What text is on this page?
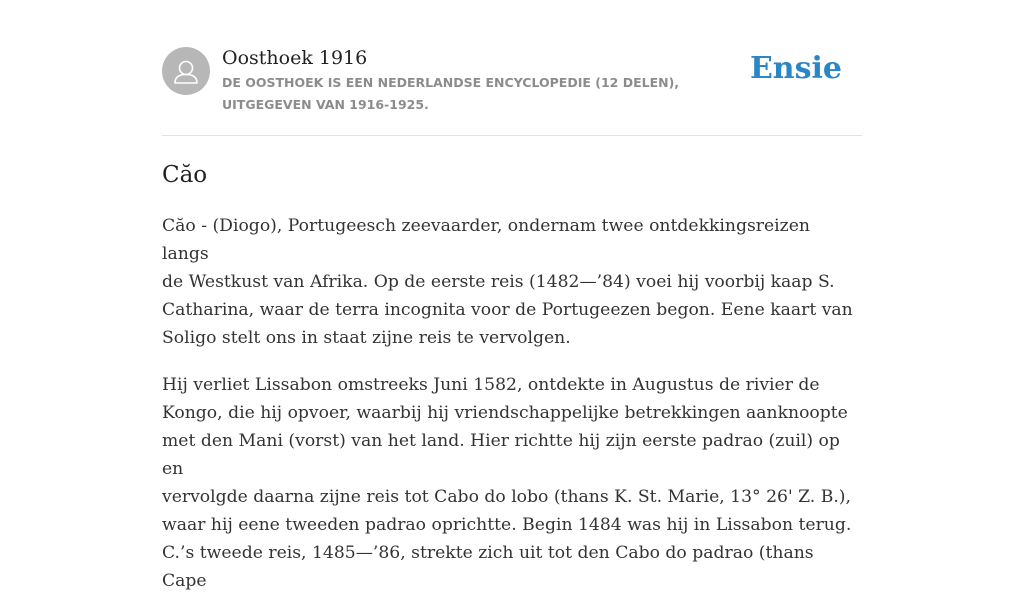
Oosthoek 1916
DE OOSTHOEK IS EEN NEDERLANDSE ENCYCLOPEDIE (12 DELEN), UITGEGEVEN VAN 1916-1925.
Ensie
Căo

Căo - (Diogo), Portugeesch zeevaarder, ondernam twee ontdekkingsreizen langs
de Westkust van Afrika. Op de eerste reis (1482—’84) voei hij voorbij kaap S.
Catharina, waar de terra incognita voor de Portugeezen begon. Eene kaart van
Soligo stelt ons in staat zijne reis te vervolgen.

Hij verliet Lissabon omstreeks Juni 1582, ontdekte in Augustus de rivier de
Kongo, die hij opvoer, waarbij hij vriendschappelijke betrekkingen aanknoopte
met den Mani (vorst) van het land. Hier richtte hij zijn eerste padrao (zuil) op en
vervolgde daarna zijne reis tot Cabo do lobo (thans K. St. Marie, 13° 26' Z. B.),
waar hij eene tweeden padrao oprichtte. Begin 1484 was hij in Lissabon terug.
C.’s tweede reis, 1485—’86, strekte zich uit tot den Cabo do padrao (thans Cape
